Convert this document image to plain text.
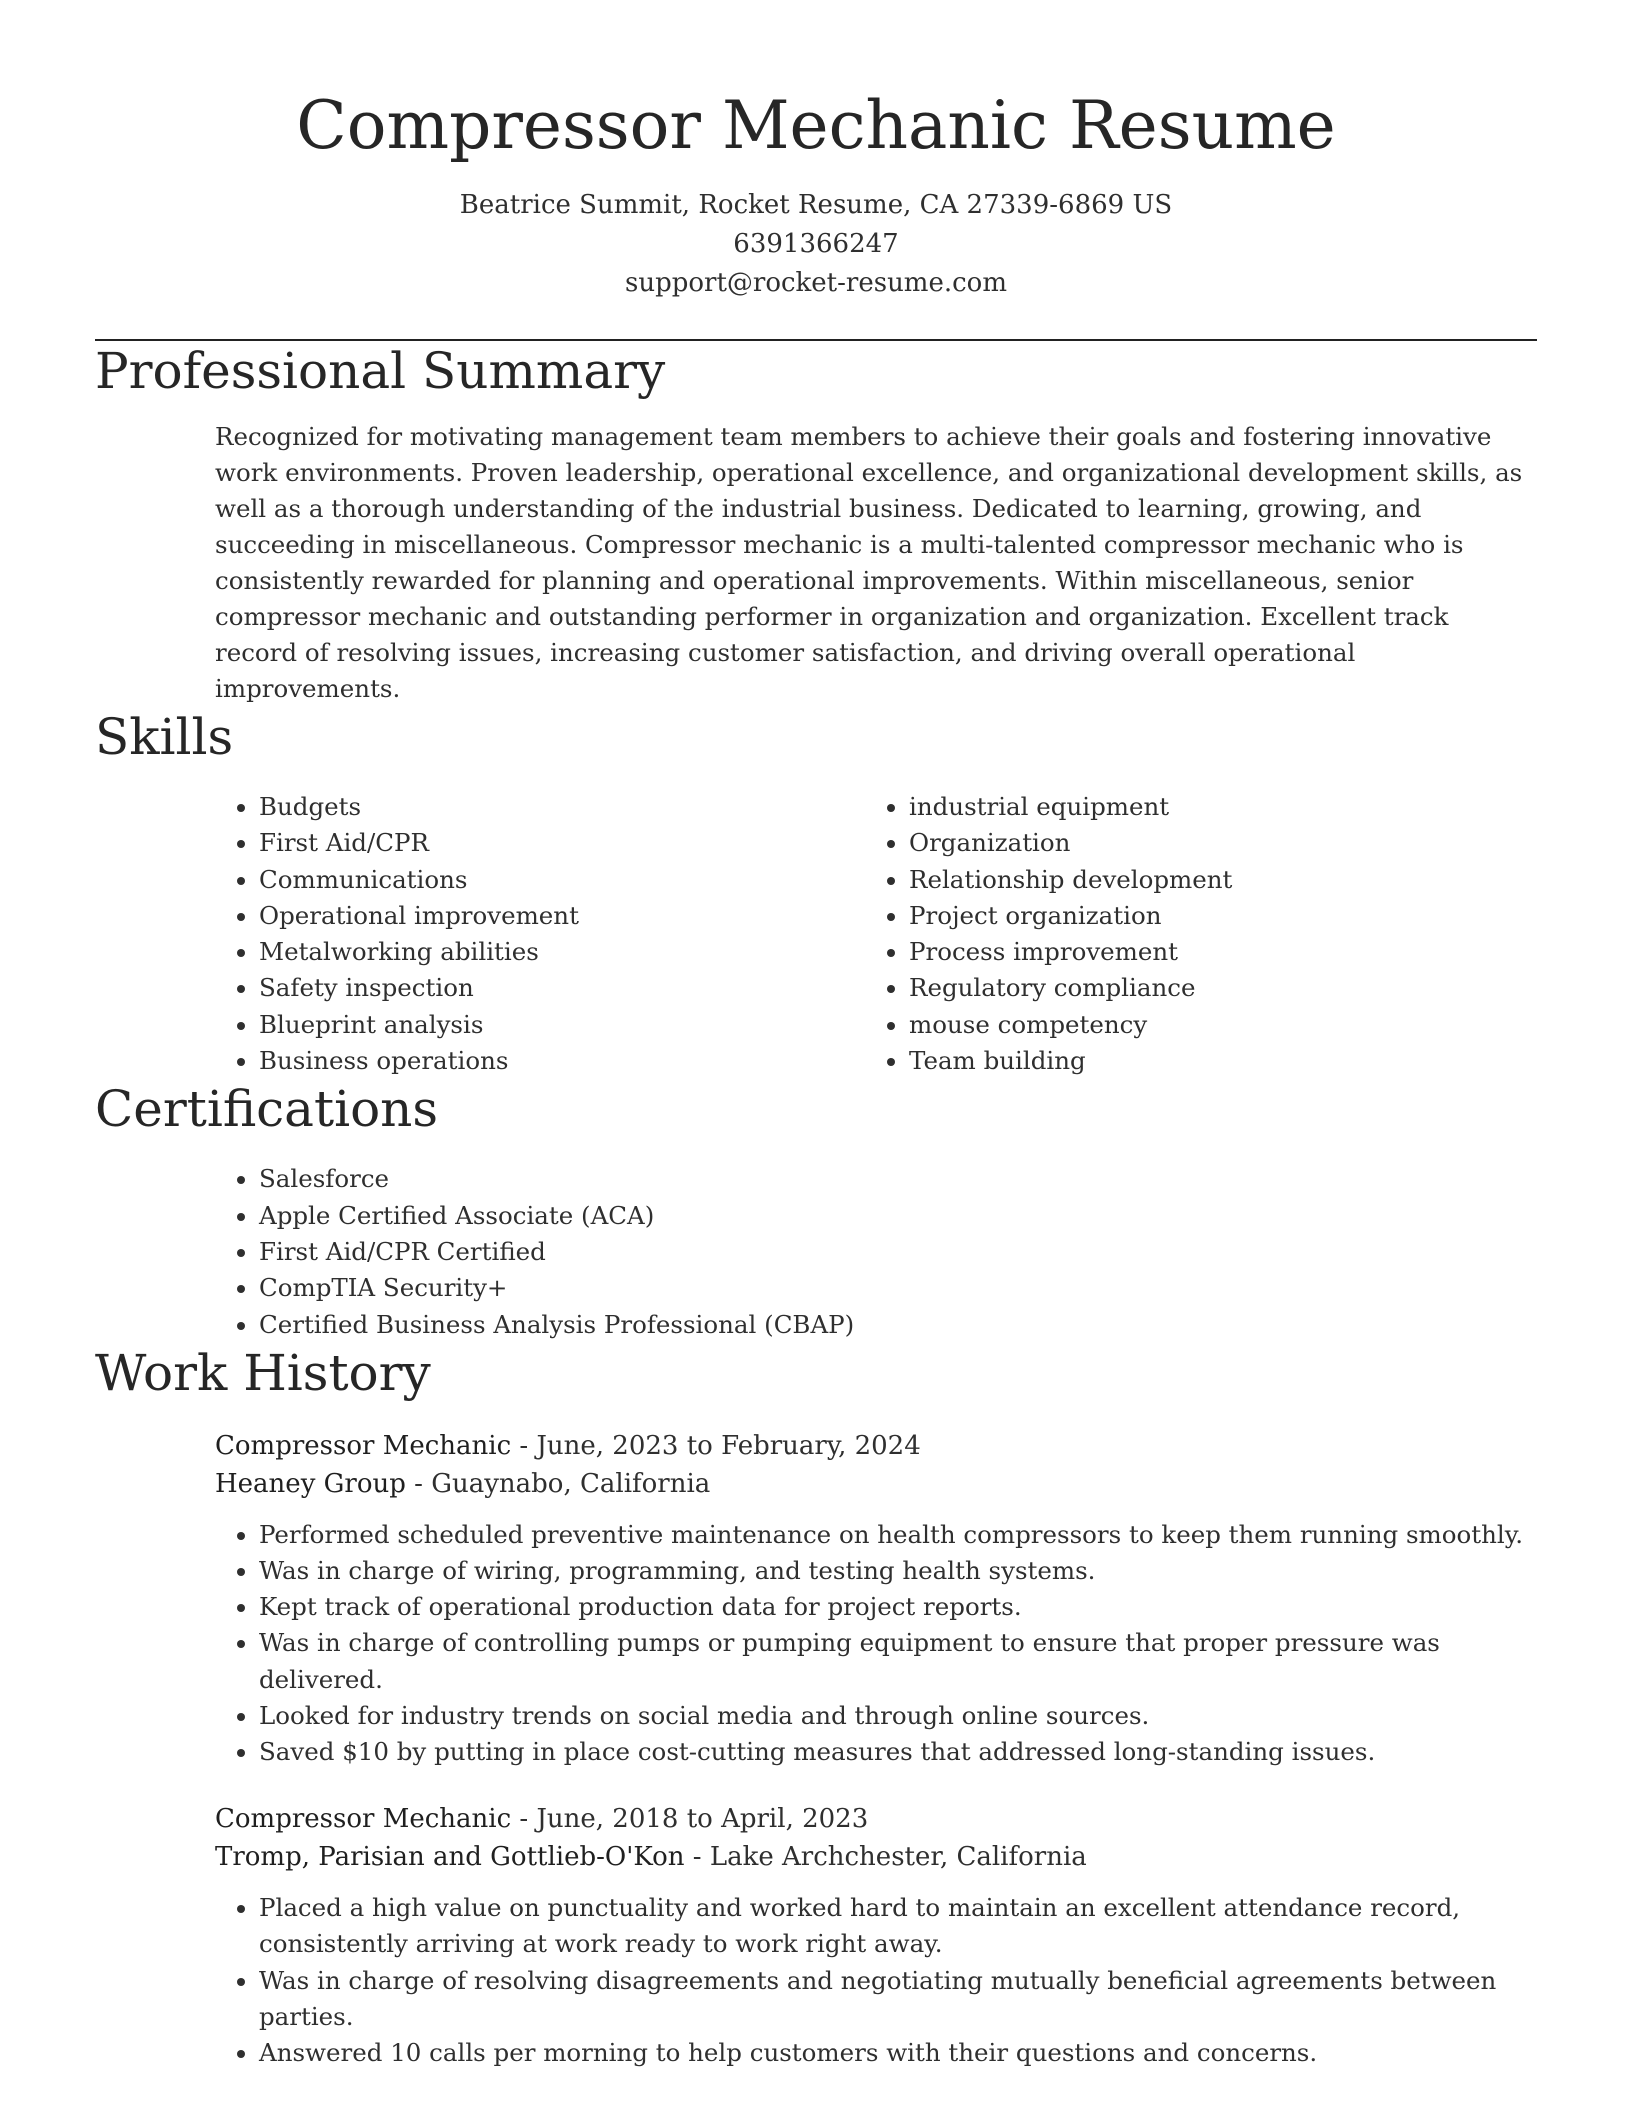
Compressor Mechanic Resume
Beatrice Summit, Rocket Resume, CA 27339-6869 US
6391366247
support@rocket-resume.com
Professional Summary

Recognized for motivating management team members to achieve their goals and fostering innovative work environments. Proven leadership, operational excellence, and organizational development skills, as well as a thorough understanding of the industrial business. Dedicated to learning, growing, and succeeding in miscellaneous. Compressor mechanic is a multi-talented compressor mechanic who is consistently rewarded for planning and operational improvements. Within miscellaneous, senior compressor mechanic and outstanding performer in organization and organization. Excellent track record of resolving issues, increasing customer satisfaction, and driving overall operational improvements.

Skills
• Budgets
• First Aid/CPR
• Communications
• Operational improvement
• Metalworking abilities
• Safety inspection
• Blueprint analysis
• Business operations
• industrial equipment
• Organization
• Relationship development
• Project organization
• Process improvement
• Regulatory compliance
• mouse competency
• Team building
Certifications
• Salesforce
• Apple Certified Associate (ACA)
• First Aid/CPR Certified
• CompTIA Security+
• Certified Business Analysis Professional (CBAP)
Work History
Compressor Mechanic - June, 2023 to February, 2024
Heaney Group - Guaynabo, California
• Performed scheduled preventive maintenance on health compressors to keep them running smoothly.
• Was in charge of wiring, programming, and testing health systems.
• Kept track of operational production data for project reports.
• Was in charge of controlling pumps or pumping equipment to ensure that proper pressure was delivered.
• Looked for industry trends on social media and through online sources.
• Saved $10 by putting in place cost-cutting measures that addressed long-standing issues.
Compressor Mechanic - June, 2018 to April, 2023
Tromp, Parisian and Gottlieb-O'Kon - Lake Archchester, California
• Placed a high value on punctuality and worked hard to maintain an excellent attendance record, consistently arriving at work ready to work right away.
• Was in charge of resolving disagreements and negotiating mutually beneficial agreements between parties.
• Answered 10 calls per morning to help customers with their questions and concerns.
